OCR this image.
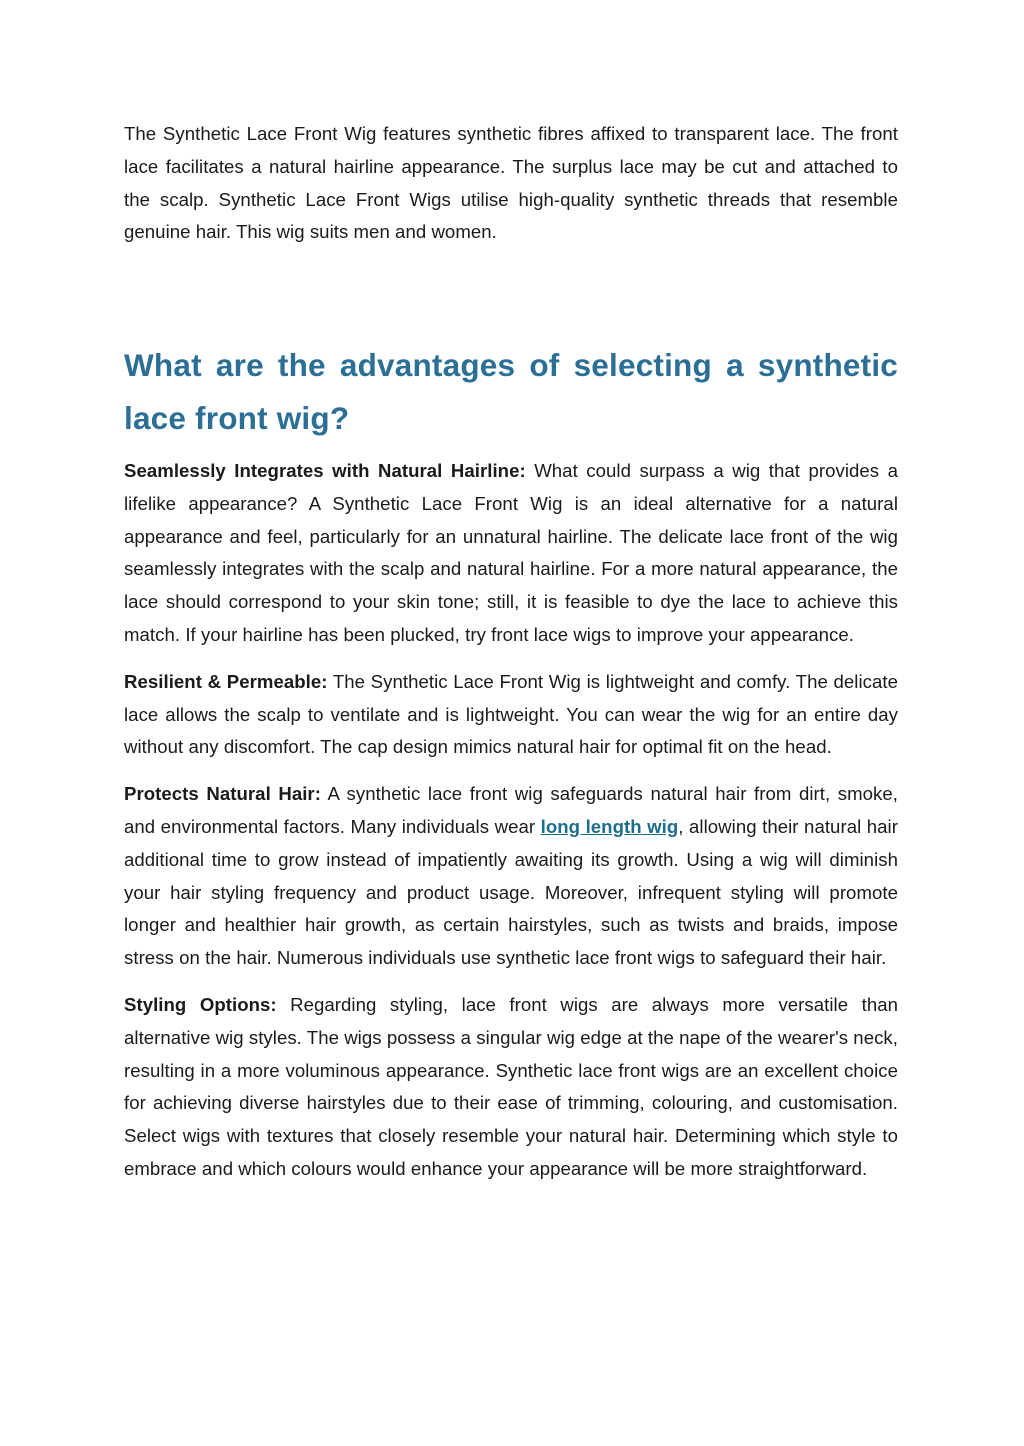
The Synthetic Lace Front Wig features synthetic fibres affixed to transparent lace. The front lace facilitates a natural hairline appearance. The surplus lace may be cut and attached to the scalp. Synthetic Lace Front Wigs utilise high-quality synthetic threads that resemble genuine hair. This wig suits men and women.

What are the advantages of selecting a synthetic lace front wig?

Seamlessly Integrates with Natural Hairline: What could surpass a wig that provides a lifelike appearance? A Synthetic Lace Front Wig is an ideal alternative for a natural appearance and feel, particularly for an unnatural hairline. The delicate lace front of the wig seamlessly integrates with the scalp and natural hairline. For a more natural appearance, the lace should correspond to your skin tone; still, it is feasible to dye the lace to achieve this match. If your hairline has been plucked, try front lace wigs to improve your appearance.

Resilient & Permeable: The Synthetic Lace Front Wig is lightweight and comfy. The delicate lace allows the scalp to ventilate and is lightweight. You can wear the wig for an entire day without any discomfort. The cap design mimics natural hair for optimal fit on the head.

Protects Natural Hair: A synthetic lace front wig safeguards natural hair from dirt, smoke, and environmental factors. Many individuals wear long length wig, allowing their natural hair additional time to grow instead of impatiently awaiting its growth. Using a wig will diminish your hair styling frequency and product usage. Moreover, infrequent styling will promote longer and healthier hair growth, as certain hairstyles, such as twists and braids, impose stress on the hair. Numerous individuals use synthetic lace front wigs to safeguard their hair.

Styling Options: Regarding styling, lace front wigs are always more versatile than alternative wig styles. The wigs possess a singular wig edge at the nape of the wearer's neck, resulting in a more voluminous appearance. Synthetic lace front wigs are an excellent choice for achieving diverse hairstyles due to their ease of trimming, colouring, and customisation. Select wigs with textures that closely resemble your natural hair. Determining which style to embrace and which colours would enhance your appearance will be more straightforward.
